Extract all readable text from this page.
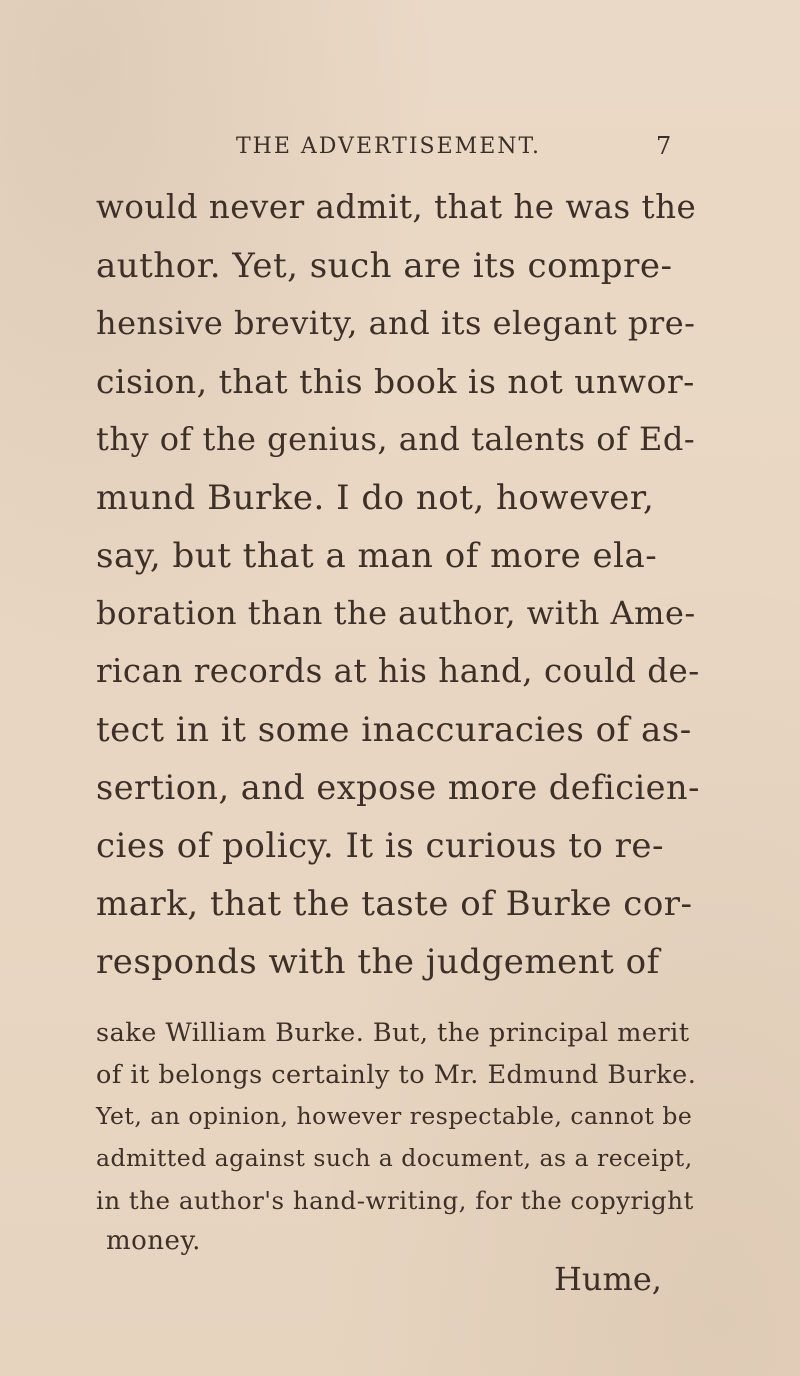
THE ADVERTISEMENT.	7
would never admit, that he was the
author. Yet, such are its compre-
hensive brevity, and its elegant pre-
cision, that this book is not unwor-
thy of the genius, and talents of Ed-
mund Burke. I do not, however,
say, but that a man of more ela-
boration than the author, with Ame-
rican records at his hand, could de-
tect in it some inaccuracies of as-
sertion, and expose more deficien-
cies of policy. It is curious to re-
mark, that the taste of Burke cor-
responds with the judgement of
sake William Burke. But, the principal merit
of it belongs certainly to Mr. Edmund Burke.
Yet, an opinion, however respectable, cannot be
admitted against such a document, as a receipt,
in the author's hand-writing, for the copyright
money.
Hume,
